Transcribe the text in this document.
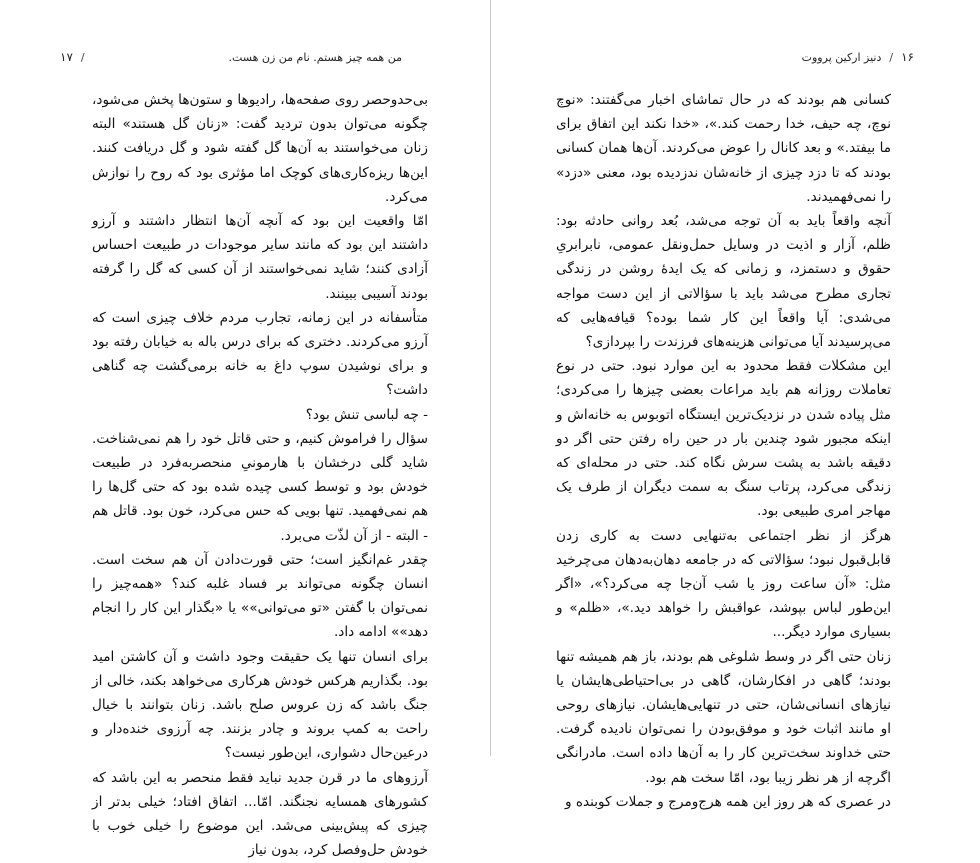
من همه چیز هستم. نام من زن هست.
/
۱۷

بی‌حدوحصر روی صفحه‌ها، رادیوها و ستون‌ها پخش می‌شود، چگونه می‌توان بدون تردید گفت: «زنان گل هستند» البته زنان می‌خواستند به آن‌ها گل گفته شود و گل دریافت کنند. این‌ها ریزه‌کاری‌های کوچک اما مؤثری بود که روح را نوازش می‌کرد.

امّا واقعیت این بود که آنچه آن‌ها انتظار داشتند و آرزو داشتند این بود که مانند سایر موجودات در طبیعت احساس آزادی کنند؛ شاید نمی‌خواستند از آن کسی که گل را گرفته بودند آسیبی ببینند.

متأسفانه در این زمانه، تجارب مردم خلاف چیزی است که آرزو می‌کردند. دختری که برای درس باله به خیابان رفته بود و برای نوشیدن سوپ داغ به خانه برمی‌گشت چه گناهی داشت؟

- چه لباسی تنش بود؟

سؤال را فراموش کنیم، و حتی قاتل خود را هم نمی‌شناخت. شاید گلی درخشان با هارمونیِ منحصربه‌فرد در طبیعت خودش بود و توسط کسی چیده شده بود که حتی گل‌ها را هم نمی‌فهمید. تنها بویی که حس می‌کرد، خون بود. قاتل هم - البته - از آن لذّت می‌برد.

چقدر غم‌انگیز است؛ حتی قورت‌دادن آن هم سخت است. انسان چگونه می‌تواند بر فساد غلبه کند؟ «همه‌چیز را نمی‌توان با گفتن «تو می‌توانی»» یا «بگذار این کار را انجام دهد»» ادامه داد.

برای انسان تنها یک حقیقت وجود داشت و آن کاشتن امید بود. بگذاریم هرکس خودش هرکاری می‌خواهد بکند، خالی از جنگ باشد که زن عروس صلح باشد. زنان بتوانند با خیال راحت به کمپ بروند و چادر بزنند. چه آرزوی خنده‌دار و درعین‌حال دشواری، این‌طور نیست؟

آرزوهای ما در قرن جدید نباید فقط منحصر به این باشد که کشورهای همسایه نجنگند. امّا... اتفاق افتاد؛ خیلی بدتر از چیزی که پیش‌بینی می‌شد. این موضوع را خیلی خوب با خودش حل‌وفصل کرد، بدون نیاز

۱۶
/
دنیز ارکین پرووت

کسانی هم بودند که در حال تماشای اخبار می‌گفتند: «نوچ نوچ، چه حیف، خدا رحمت کند.»، «خدا نکند این اتفاق برای ما بیفتد.» و بعد کانال را عوض می‌کردند. آن‌ها همان کسانی بودند که تا دزد چیزی از خانه‌شان ندزدیده بود، معنی «دزد» را نمی‌فهمیدند.

آنچه واقعاً باید به آن توجه می‌شد، بُعد روانی حادثه بود: ظلم، آزار و اذیت در وسایل حمل‌ونقل عمومی، نابرابریِ حقوق و دستمزد، و زمانی که یک ایدهٔ روشن در زندگی تجاری مطرح می‌شد باید با سؤالاتی از این دست مواجه می‌شدی: آیا واقعاً این کار شما بوده؟ قیافه‌هایی که می‌پرسیدند آیا می‌توانی هزینه‌های فرزندت را بپردازی؟

این مشکلات فقط محدود به این موارد نبود. حتی در نوع تعاملات روزانه هم باید مراعات بعضی چیزها را می‌کردی؛ مثل پیاده شدن در نزدیک‌ترین ایستگاه اتوبوس به خانه‌اش و اینکه مجبور شود چندین بار در حین راه رفتن حتی اگر دو دقیقه باشد به پشت سرش نگاه کند. حتی در محله‌ای که زندگی می‌کرد، پرتاب سنگ به سمت دیگران از طرف یک مهاجر امری طبیعی بود.

هرگز از نظر اجتماعی به‌تنهایی دست به کاری زدن قابل‌قبول نبود؛ سؤالاتی که در جامعه دهان‌به‌دهان می‌چرخید مثل: «آن ساعت روز یا شب آن‌جا چه می‌کرد؟»، «اگر این‌طور لباس بپوشد، عواقبش را خواهد دید.»، «ظلم» و بسیاری موارد دیگر...

زنان حتی اگر در وسط شلوغی هم بودند، باز هم همیشه تنها بودند؛ گاهی در افکارشان، گاهی در بی‌احتیاطی‌هایشان یا نیازهای انسانی‌شان، حتی در تنهایی‌هایشان. نیازهای روحی او مانند اثبات خود و موفق‌بودن را نمی‌توان نادیده گرفت. حتی خداوند سخت‌ترین کار را به آن‌ها داده است. مادرانگی اگرچه از هر نظر زیبا بود، امّا سخت هم بود.

در عصری که هر روز این همه هرج‌ومرج و جملات کوبنده و
